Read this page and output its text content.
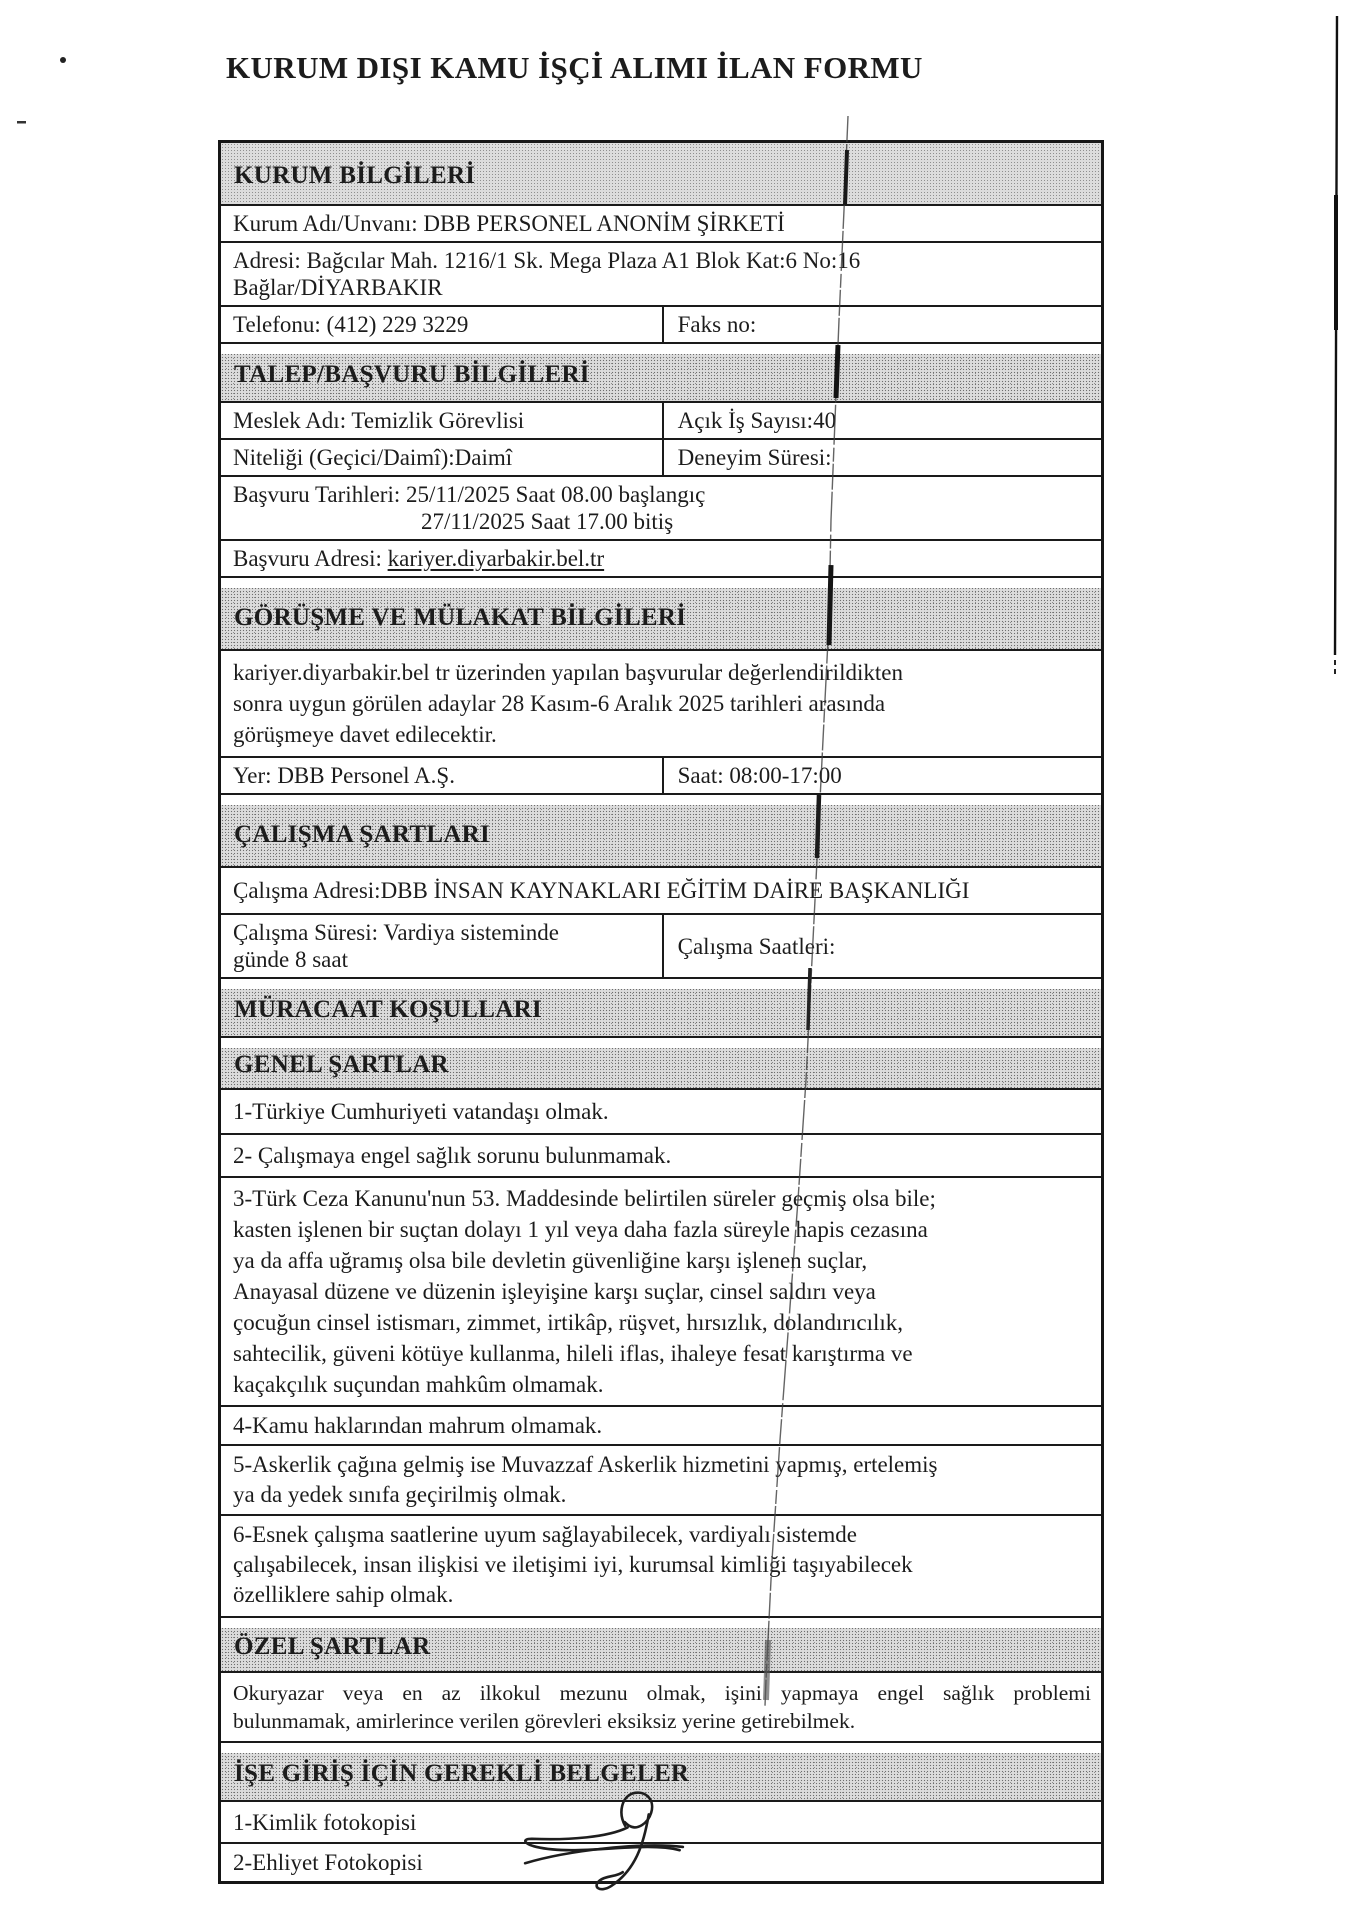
KURUM DIŞI KAMU İŞÇİ ALIMI İLAN FORMU
KURUM BİLGİLERİ
Kurum Adı/Unvanı: DBB PERSONEL ANONİM ŞİRKETİ
Adresi: Bağcılar Mah. 1216/1 Sk. Mega Plaza A1 Blok Kat:6 No:16
Bağlar/DİYARBAKIR
Telefonu: (412) 229 3229	Faks no:
TALEP/BAŞVURU BİLGİLERİ
Meslek Adı: Temizlik Görevlisi	Açık İş Sayısı:40
Niteliği (Geçici/Daimî):Daimî	Deneyim Süresi:
Başvuru Tarihleri: 25/11/2025 Saat 08.00 başlangıç
27/11/2025 Saat 17.00 bitiş
Başvuru Adresi: kariyer.diyarbakir.bel.tr
GÖRÜŞME VE MÜLAKAT BİLGİLERİ
kariyer.diyarbakir.bel tr üzerinden yapılan başvurular değerlendirildikten
sonra uygun görülen adaylar 28 Kasım-6 Aralık 2025 tarihleri arasında
görüşmeye davet edilecektir.
Yer: DBB Personel A.Ş.	Saat: 08:00-17:00
ÇALIŞMA ŞARTLARI
Çalışma Adresi:DBB İNSAN KAYNAKLARI EĞİTİM DAİRE BAŞKANLIĞI
Çalışma Süresi: Vardiya sisteminde
günde 8 saat
Çalışma Saatleri:
MÜRACAAT KOŞULLARI
GENEL ŞARTLAR
1-Türkiye Cumhuriyeti vatandaşı olmak.
2- Çalışmaya engel sağlık sorunu bulunmamak.
3-Türk Ceza Kanunu'nun 53. Maddesinde belirtilen süreler geçmiş olsa bile;
kasten işlenen bir suçtan dolayı 1 yıl veya daha fazla süreyle hapis cezasına
ya da affa uğramış olsa bile devletin güvenliğine karşı işlenen suçlar,
Anayasal düzene ve düzenin işleyişine karşı suçlar, cinsel saldırı veya
çocuğun cinsel istismarı, zimmet, irtikâp, rüşvet, hırsızlık, dolandırıcılık,
sahtecilik, güveni kötüye kullanma, hileli iflas, ihaleye fesat karıştırma ve
kaçakçılık suçundan mahkûm olmamak.
4-Kamu haklarından mahrum olmamak.
5-Askerlik çağına gelmiş ise Muvazzaf Askerlik hizmetini yapmış, ertelemiş
ya da yedek sınıfa geçirilmiş olmak.
6-Esnek çalışma saatlerine uyum sağlayabilecek, vardiyalı sistemde
çalışabilecek, insan ilişkisi ve iletişimi iyi, kurumsal kimliği taşıyabilecek
özelliklere sahip olmak.
ÖZEL ŞARTLAR
Okuryazar veya en az ilkokul mezunu olmak, işini yapmaya engel sağlık problemi
bulunmamak, amirlerince verilen görevleri eksiksiz yerine getirebilmek.
İŞE GİRİŞ İÇİN GEREKLİ BELGELER
1-Kimlik fotokopisi
2-Ehliyet Fotokopisi
